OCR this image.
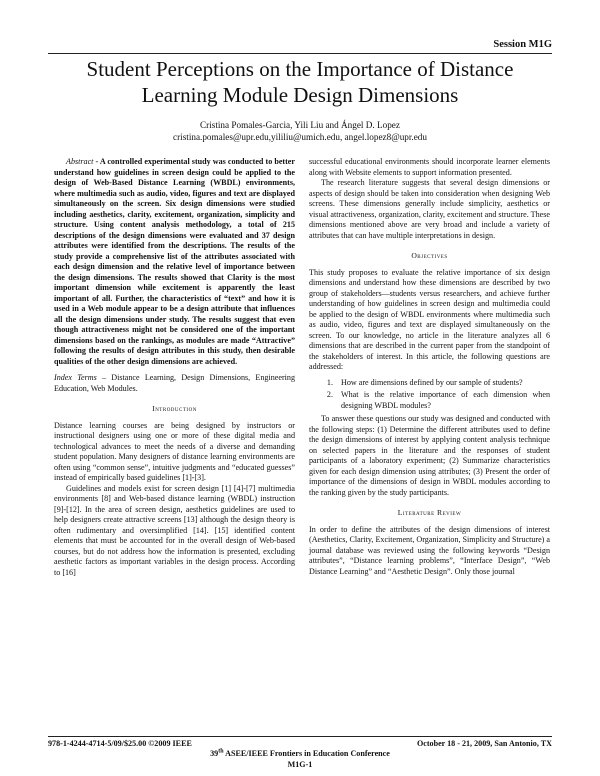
Session M1G
Student Perceptions on the Importance of Distance
Learning Module Design Dimensions
Cristina Pomales-Garcia, Yili Liu and Ángel D. Lopez
cristina.pomales@upr.edu,yililiu@umich.edu, angel.lopez8@upr.edu

Abstract - A controlled experimental study was conducted to better understand how guidelines in screen design could be applied to the design of Web-Based Distance Learning (WBDL) environments, where multimedia such as audio, video, figures and text are displayed simultaneously on the screen. Six design dimensions were studied including aesthetics, clarity, excitement, organization, simplicity and structure. Using content analysis methodology, a total of 215 descriptions of the design dimensions were evaluated and 37 design attributes were identified from the descriptions. The results of the study provide a comprehensive list of the attributes associated with each design dimension and the relative level of importance between the design dimensions. The results showed that Clarity is the most important dimension while excitement is apparently the least important of all. Further, the characteristics of “text” and how it is used in a Web module appear to be a design attribute that influences all the design dimensions under study. The results suggest that even though attractiveness might not be considered one of the important dimensions based on the rankings, as modules are made “Attractive” following the results of design attributes in this study, then desirable qualities of the other design dimensions are achieved.

Index Terms – Distance Learning, Design Dimensions, Engineering Education, Web Modules.

Introduction

Distance learning courses are being designed by instructors or instructional designers using one or more of these digital media and technological advances to meet the needs of a diverse and demanding student population. Many designers of distance learning environments are often using “common sense”, intuitive judgments and “educated guesses” instead of empirically based guidelines [1]-[3].

Guidelines and models exist for screen design [1] [4]-[7] multimedia environments [8] and Web-based distance learning (WBDL) instruction [9]-[12]. In the area of screen design, aesthetics guidelines are used to help designers create attractive screens [13] although the design theory is often rudimentary and oversimplified [14]. [15] identified content elements that must be accounted for in the overall design of Web-based courses, but do not address how the information is presented, excluding aesthetic factors as important variables in the design process. According to [16]

successful educational environments should incorporate learner elements along with Website elements to support information presented.

The research literature suggests that several design dimensions or aspects of design should be taken into consideration when designing Web screens. These dimensions generally include simplicity, aesthetics or visual attractiveness, organization, clarity, excitement and structure. These dimensions mentioned above are very broad and include a variety of attributes that can have multiple interpretations in design.

Objectives

This study proposes to evaluate the relative importance of six design dimensions and understand how these dimensions are described by two group of stakeholders—students versus researchers, and achieve further understanding of how guidelines in screen design and multimedia could be applied to the design of WBDL environments where multimedia such as audio, video, figures and text are displayed simultaneously on the screen. To our knowledge, no article in the literature analyzes all 6 dimensions that are described in the current paper from the standpoint of the stakeholders of interest. In this article, the following questions are addressed:

1. How are dimensions defined by our sample of students?
2. What is the relative importance of each dimension when designing WBDL modules?

To answer these questions our study was designed and conducted with the following steps: (1) Determine the different attributes used to define the design dimensions of interest by applying content analysis technique on selected papers in the literature and the responses of student participants of a laboratory experiment; (2) Summarize characteristics given for each design dimension using attributes; (3) Present the order of importance of the dimensions of design in WBDL modules according to the ranking given by the study participants.

Literature Review

In order to define the attributes of the design dimensions of interest (Aesthetics, Clarity, Excitement, Organization, Simplicity and Structure) a journal database was reviewed using the following keywords “Design attributes”, “Distance learning problems”, “Interface Design”, “Web Distance Learning” and “Aesthetic Design”. Only those journal

978-1-4244-4714-5/09/$25.00 ©2009 IEEE	October 18 - 21, 2009, San Antonio, TX
39th ASEE/IEEE Frontiers in Education Conference
M1G-1
